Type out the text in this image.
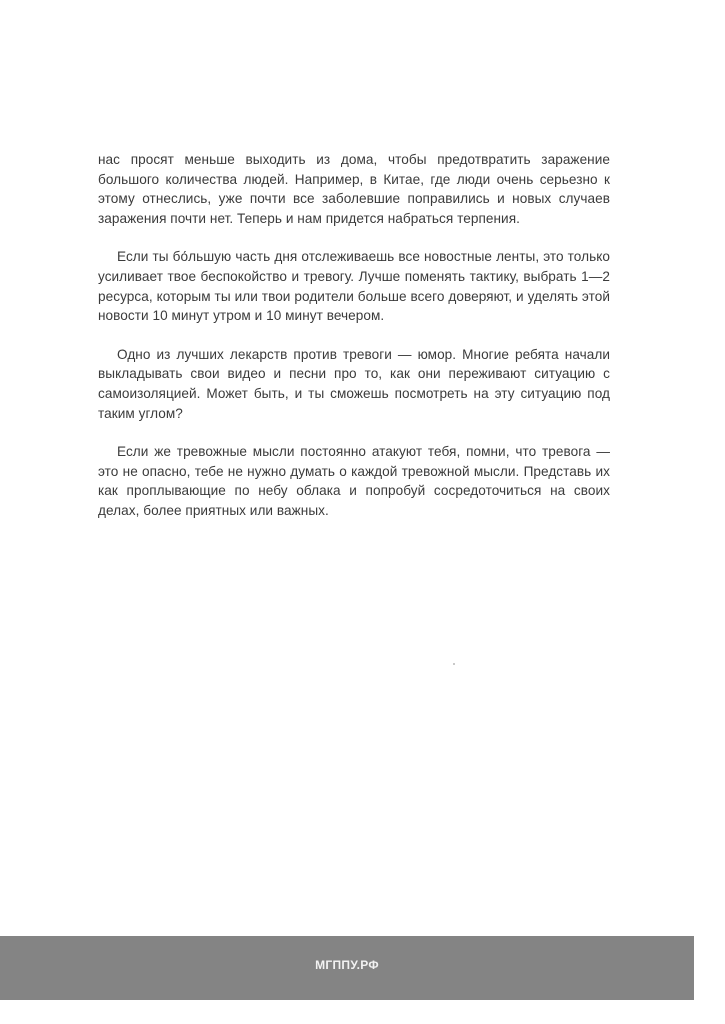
нас просят меньше выходить из дома, чтобы предотвратить заражение большого количества людей. Например, в Китае, где люди очень серьезно к этому отнеслись, уже почти все заболевшие поправились и новых случаев заражения почти нет. Теперь и нам придется набраться терпения.

Если ты бо́льшую часть дня отслеживаешь все новостные ленты, это только усиливает твое беспокойство и тревогу. Лучше поменять тактику, выбрать 1—2 ресурса, которым ты или твои родители больше всего доверяют, и уделять этой новости 10 минут утром и 10 минут вечером.

Одно из лучших лекарств против тревоги — юмор. Многие ребята начали выкладывать свои видео и песни про то, как они переживают ситуацию с самоизоляцией. Может быть, и ты сможешь посмотреть на эту ситуацию под таким углом?

Если же тревожные мысли постоянно атакуют тебя, помни, что тревога — это не опасно, тебе не нужно думать о каждой тревожной мысли. Представь их как проплывающие по небу облака и попробуй сосредоточиться на своих делах, более приятных или важных.

МГППУ.РФ
